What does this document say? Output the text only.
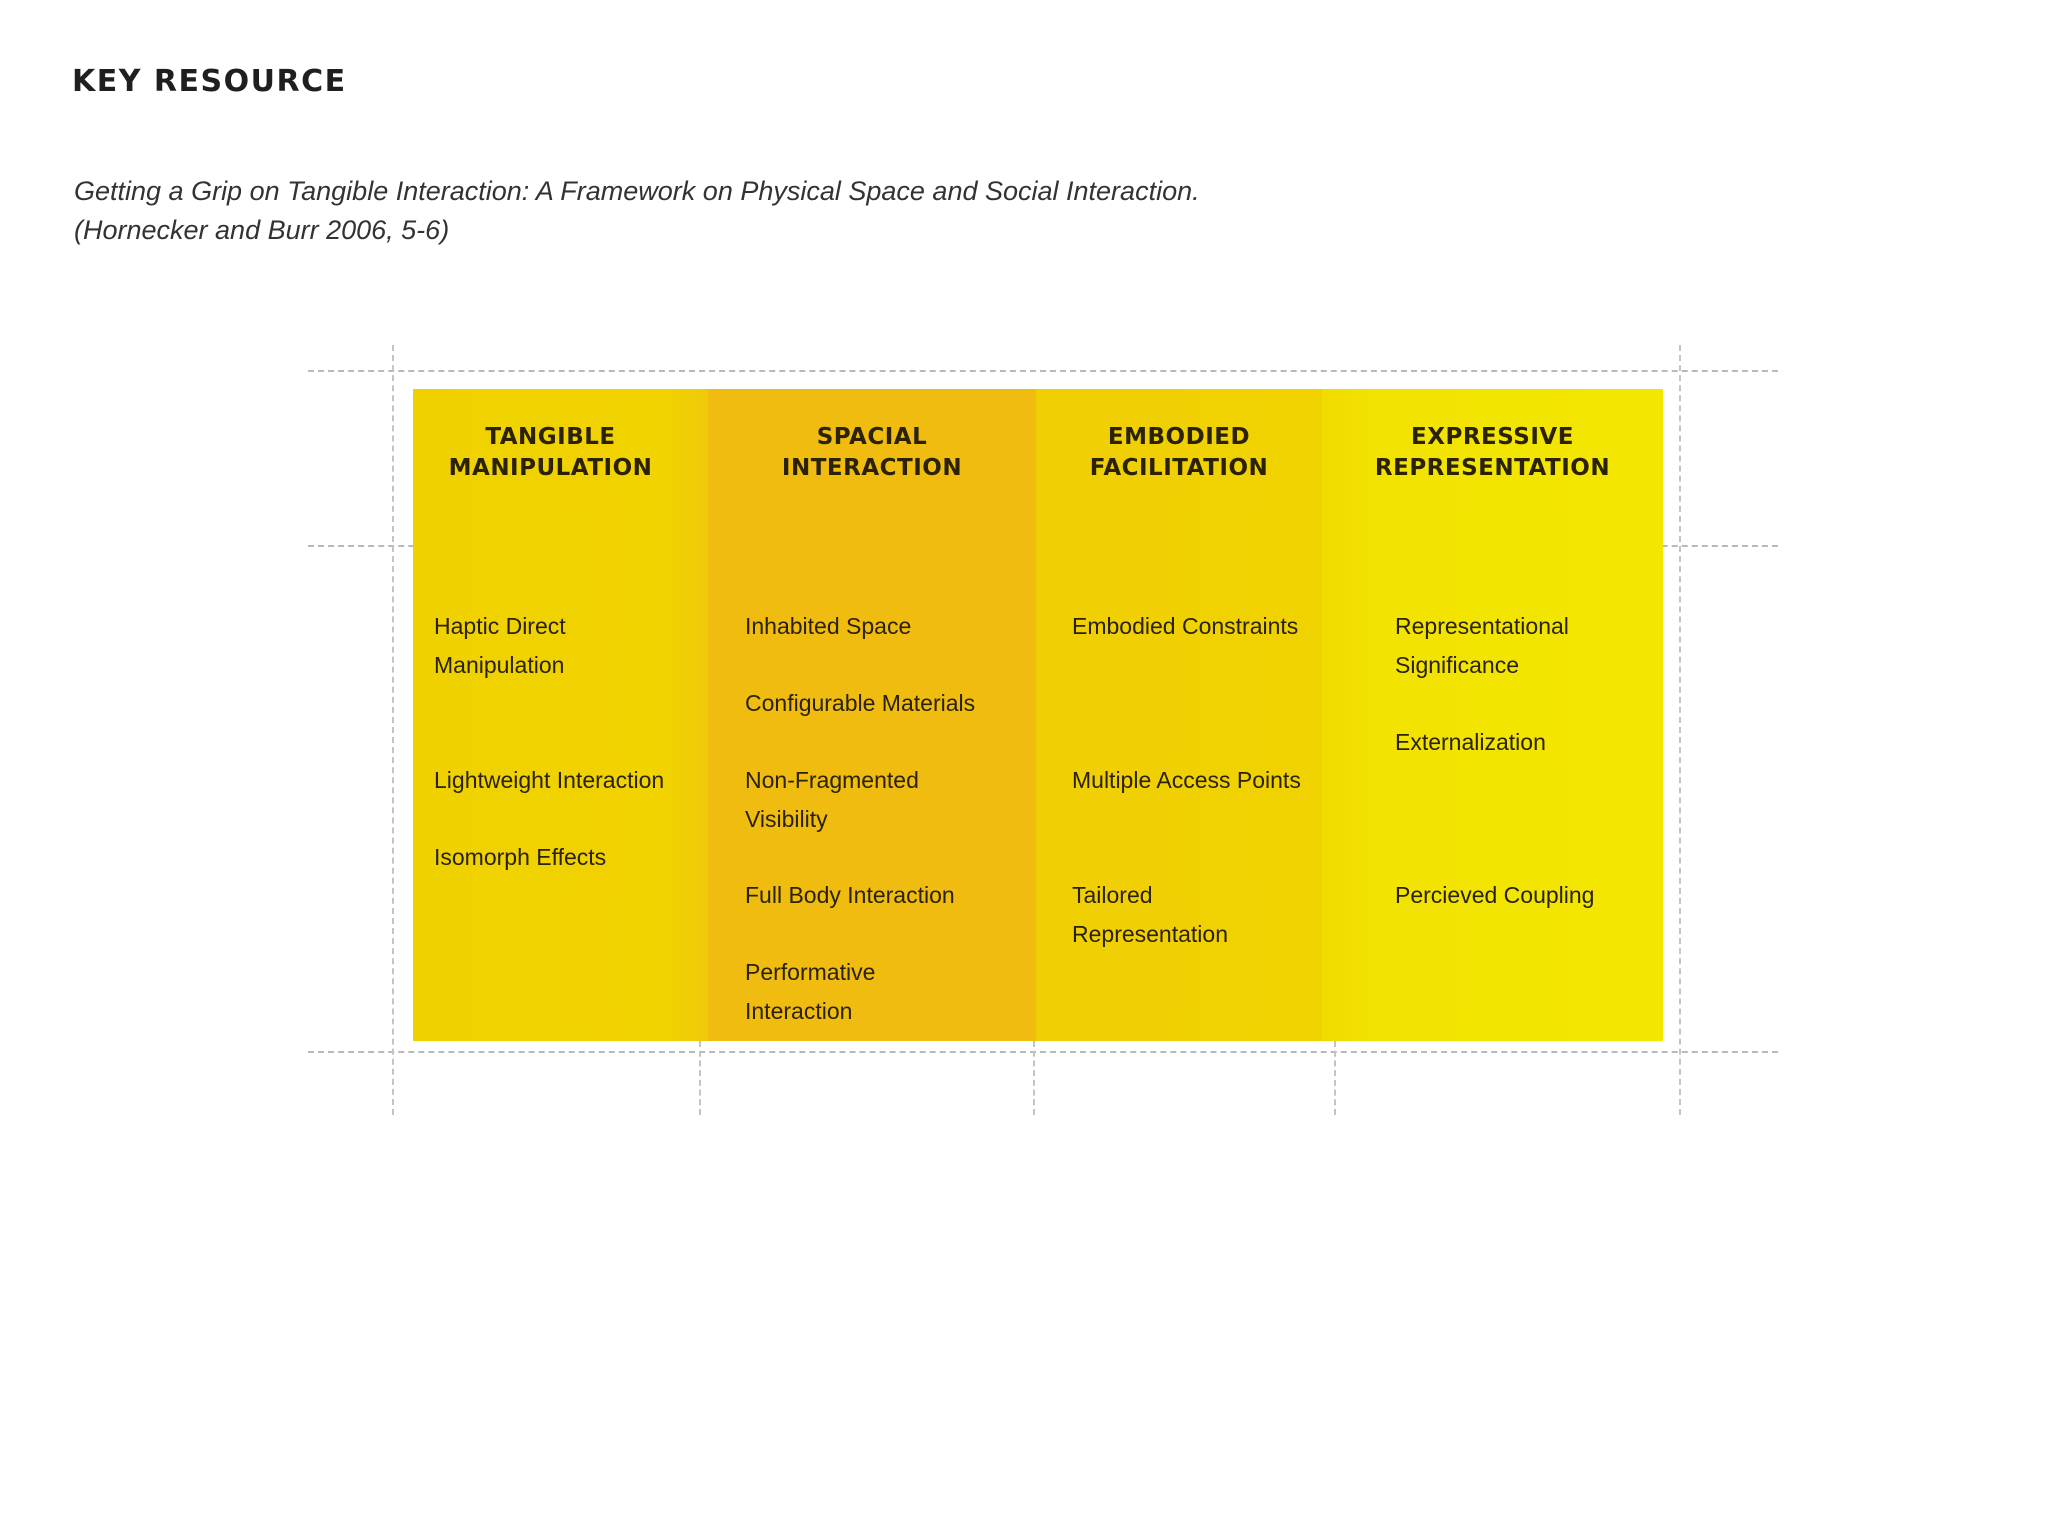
KEY RESOURCE
Getting a Grip on Tangible Interaction: A Framework on Physical Space and Social Interaction.
(Hornecker and Burr 2006, 5-6)
TANGIBLE
MANIPULATION
Haptic Direct
Manipulation
Lightweight Interaction
Isomorph Effects
SPACIAL
INTERACTION
Inhabited Space
Configurable Materials
Non-Fragmented
Visibility
Full Body Interaction
Performative
Interaction
EMBODIED
FACILITATION
Embodied Constraints
Multiple Access Points
Tailored
Representation
EXPRESSIVE
REPRESENTATION
Representational
Significance
Externalization
Percieved Coupling
